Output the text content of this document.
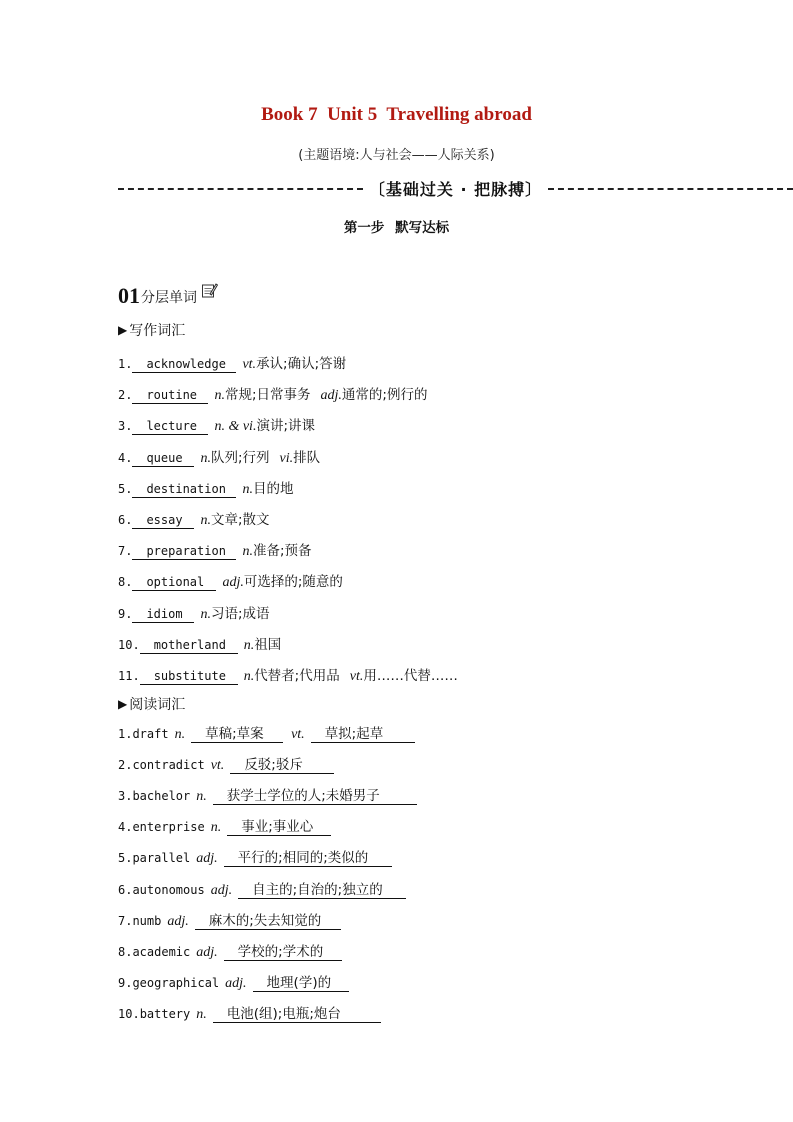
Book 7  Unit 5  Travelling abroad
(主题语境:人与社会——人际关系)
〔基础过关 · 把脉搏〕
第一步 默写达标
01 分层单词
▶ 写作词汇
1.	acknowledge	vt. 承认;确认;答谢
2.	routine	n. 常规;日常事务 adj. 通常的;例行的
3.	lecture	n. & vi. 演讲;讲课
4.	queue	n. 队列;行列 vi. 排队
5.	destination	n. 目的地
6.	essay	n. 文章;散文
7.	preparation	n. 准备;预备
8.	optional	adj. 可选择的;随意的
9.	idiom	n. 习语;成语
10.	motherland	n. 祖国
11.	substitute	n. 代替者;代用品 vt. 用……代替……
▶ 阅读词汇
1. draft n.	草稿;草案	vt.	草拟;起草
2. contradict vt.	反驳;驳斥
3. bachelor n.	获学士学位的人;未婚男子
4. enterprise n.	事业;事业心
5. parallel adj.	平行的;相同的;类似的
6. autonomous adj.	自主的;自治的;独立的
7. numb adj.	麻木的;失去知觉的
8. academic adj.	学校的;学术的
9. geographical adj.	地理(学)的
10. battery n.	电池(组);电瓶;炮台
